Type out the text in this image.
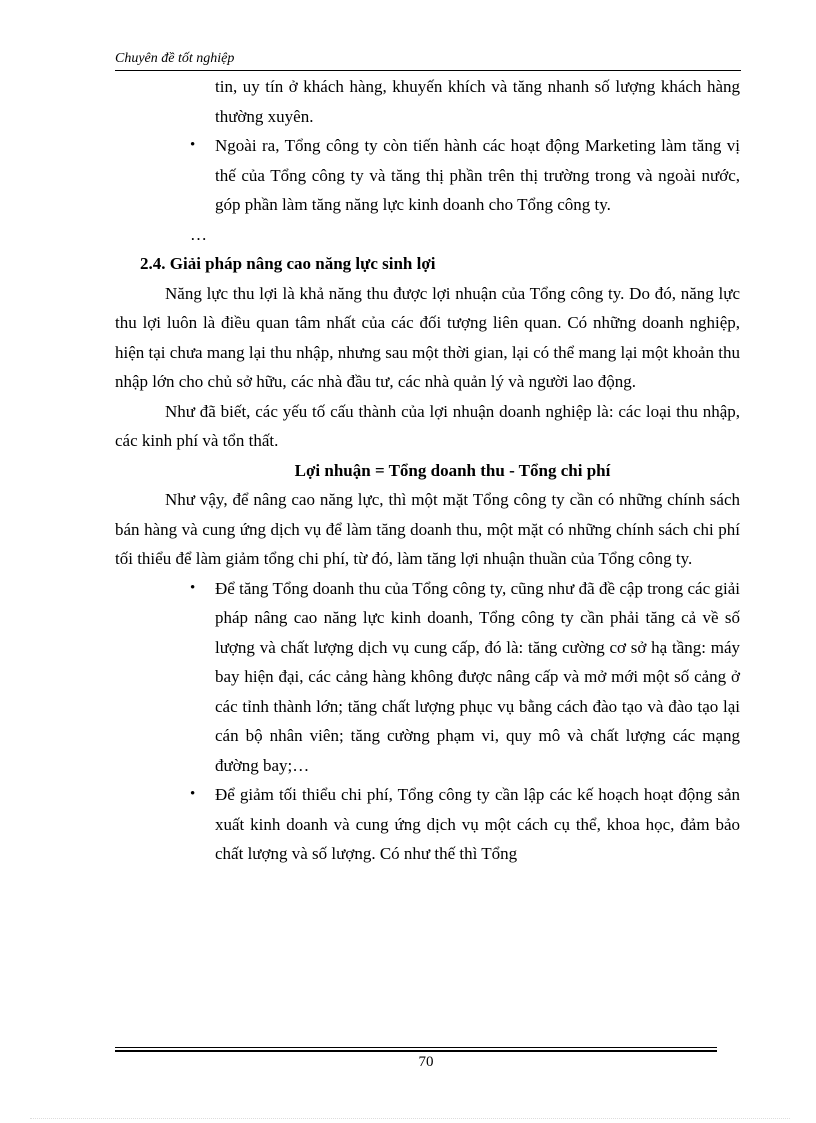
Chuyên đề tốt nghiệp
tin, uy tín ở khách hàng, khuyến khích và tăng nhanh số lượng khách hàng thường xuyên.
• Ngoài ra, Tổng công ty còn tiến hành các hoạt động Marketing làm tăng vị thế của Tổng công ty và tăng thị phần trên thị trường trong và ngoài nước, góp phần làm tăng năng lực kinh doanh cho Tổng công ty.
…
2.4. Giải pháp nâng cao năng lực sinh lợi
Năng lực thu lợi là khả năng thu được lợi nhuận của Tổng công ty. Do đó, năng lực thu lợi luôn là điều quan tâm nhất của các đối tượng liên quan. Có những doanh nghiệp, hiện tại chưa mang lại thu nhập, nhưng sau một thời gian, lại có thể mang lại một khoản thu nhập lớn cho chủ sở hữu, các nhà đầu tư, các nhà quản lý và người lao động.
Như đã biết, các yếu tố cấu thành của lợi nhuận doanh nghiệp là: các loại thu nhập, các kinh phí và tổn thất.
Lợi nhuận = Tổng doanh thu - Tổng chi phí
Như vậy, để nâng cao năng lực, thì một mặt Tổng công ty cần có những chính sách bán hàng và cung ứng dịch vụ để làm tăng doanh thu, một mặt có những chính sách chi phí tối thiểu để làm giảm tổng chi phí, từ đó, làm tăng lợi nhuận thuần của Tổng công ty.
• Để tăng Tổng doanh thu của Tổng công ty, cũng như đã đề cập trong các giải pháp nâng cao năng lực kinh doanh, Tổng công ty cần phải tăng cả về số lượng và chất lượng dịch vụ cung cấp, đó là: tăng cường cơ sở hạ tầng: máy bay hiện đại, các cảng hàng không được nâng cấp và mở mới một số cảng ở các tỉnh thành lớn; tăng chất lượng phục vụ bằng cách đào tạo và đào tạo lại cán bộ nhân viên; tăng cường phạm vi, quy mô và chất lượng các mạng đường bay;…
• Để giảm tối thiểu chi phí, Tổng công ty cần lập các kế hoạch hoạt động sản xuất kinh doanh và cung ứng dịch vụ một cách cụ thể, khoa học, đảm bảo chất lượng và số lượng. Có như thế thì Tổng
70
